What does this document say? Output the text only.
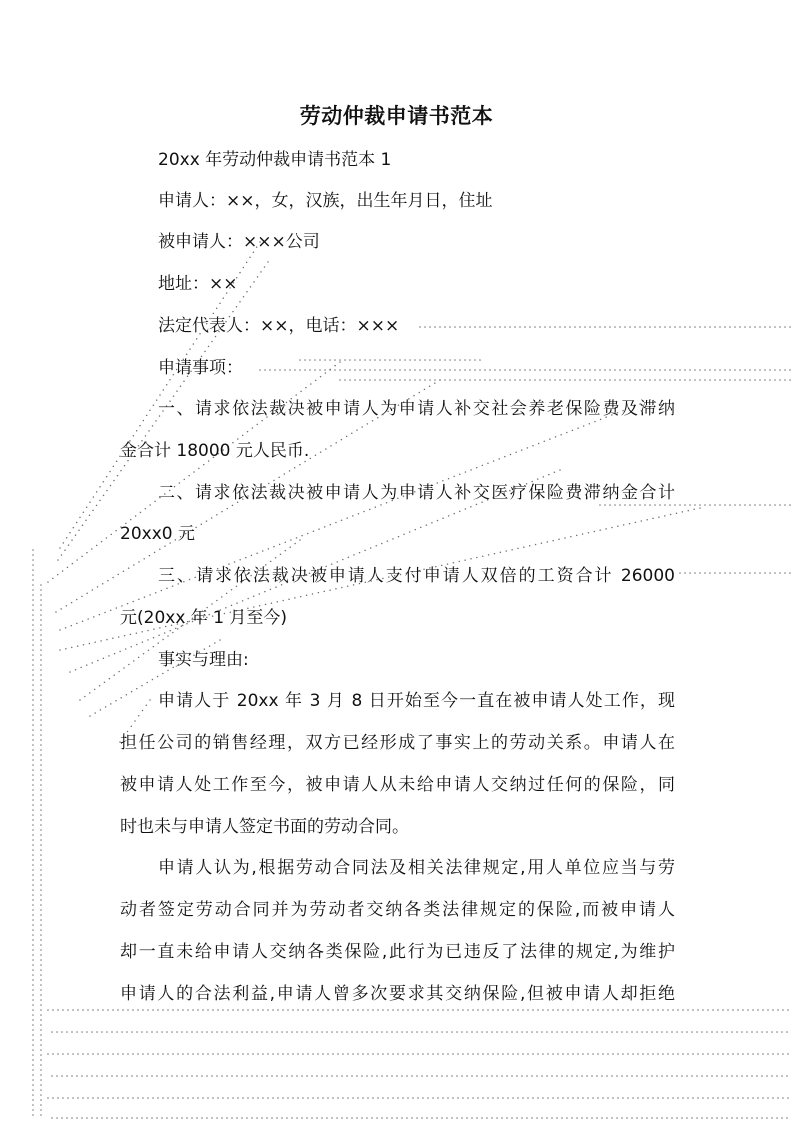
劳动仲裁申请书范本
20xx 年劳动仲裁申请书范本 1
申请人：××，女，汉族，出生年月日，住址
被申请人：×××公司
地址：××
法定代表人：××，电话：×××
申请事项：
一、请求依法裁决被申请人为申请人补交社会养老保险费及滞纳
金合计 18000 元人民币.
二、请求依法裁决被申请人为申请人补交医疗保险费滞纳金合计
20xx0 元
三、请求依法裁决被申请人支付申请人双倍的工资合计 26000
元(20xx 年 1 月至今)
事实与理由:
申请人于 20xx 年 3 月 8 日开始至今一直在被申请人处工作，现
担任公司的销售经理，双方已经形成了事实上的劳动关系。申请人在
被申请人处工作至今，被申请人从未给申请人交纳过任何的保险，同
时也未与申请人签定书面的劳动合同。
申请人认为,根据劳动合同法及相关法律规定,用人单位应当与劳
动者签定劳动合同并为劳动者交纳各类法律规定的保险,而被申请人
却一直未给申请人交纳各类保险,此行为已违反了法律的规定,为维护
申请人的合法利益,申请人曾多次要求其交纳保险,但被申请人却拒绝
